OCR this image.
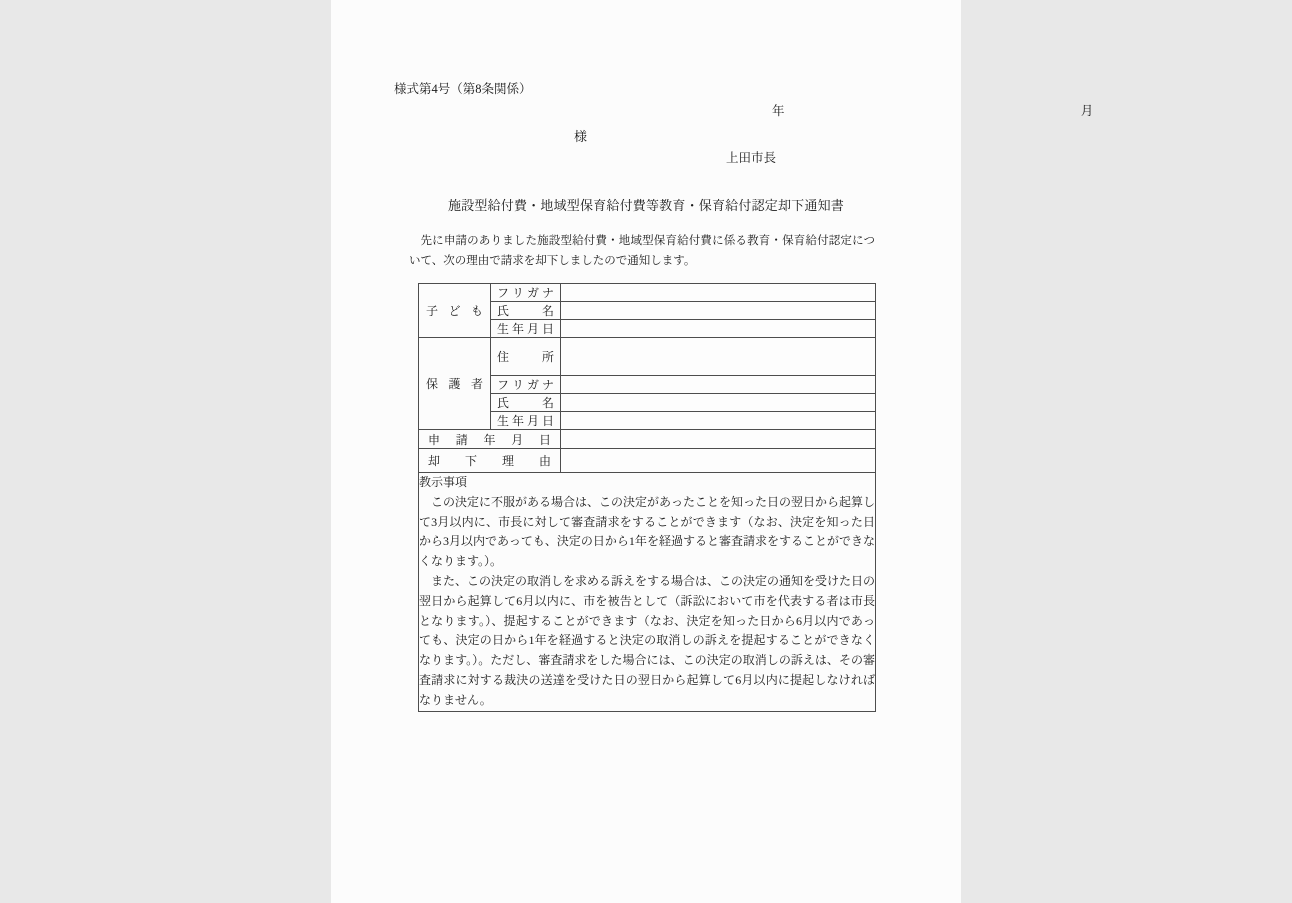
様式第4号（第8条関係）
年	月
様
上田市長
施設型給付費・地域型保育給付費等教育・保育給付認定却下通知書
先に申請のありました施設型給付費・地域型保育給付費に係る教育・保育給付認定について、次の理由で請求を却下しましたので通知します。
子 ど も	フ リ ガ ナ	

	氏 名	

	生 年 月 日	

保 護 者	住 所	

	フ リ ガ ナ	

	氏 名	

	生 年 月 日	

申 請 年 月 日		

却 下 理 由		

教示事項

この決定に不服がある場合は、この決定があったことを知った日の翌日から起算して3月以内に、市長に対して審査請求をすることができます（なお、決定を知った日から3月以内であっても、決定の日から1年を経過すると審査請求をすることができなくなります。）。

また、この決定の取消しを求める訴えをする場合は、この決定の通知を受けた日の翌日から起算して6月以内に、市を被告として（訴訟において市を代表する者は市長となります。）、提起することができます（なお、決定を知った日から6月以内であっても、決定の日から1年を経過すると決定の取消しの訴えを提起することができなくなります。）。ただし、審査請求をした場合には、この決定の取消しの訴えは、その審査請求に対する裁決の送達を受けた日の翌日から起算して6月以内に提起しなければなりません。		
